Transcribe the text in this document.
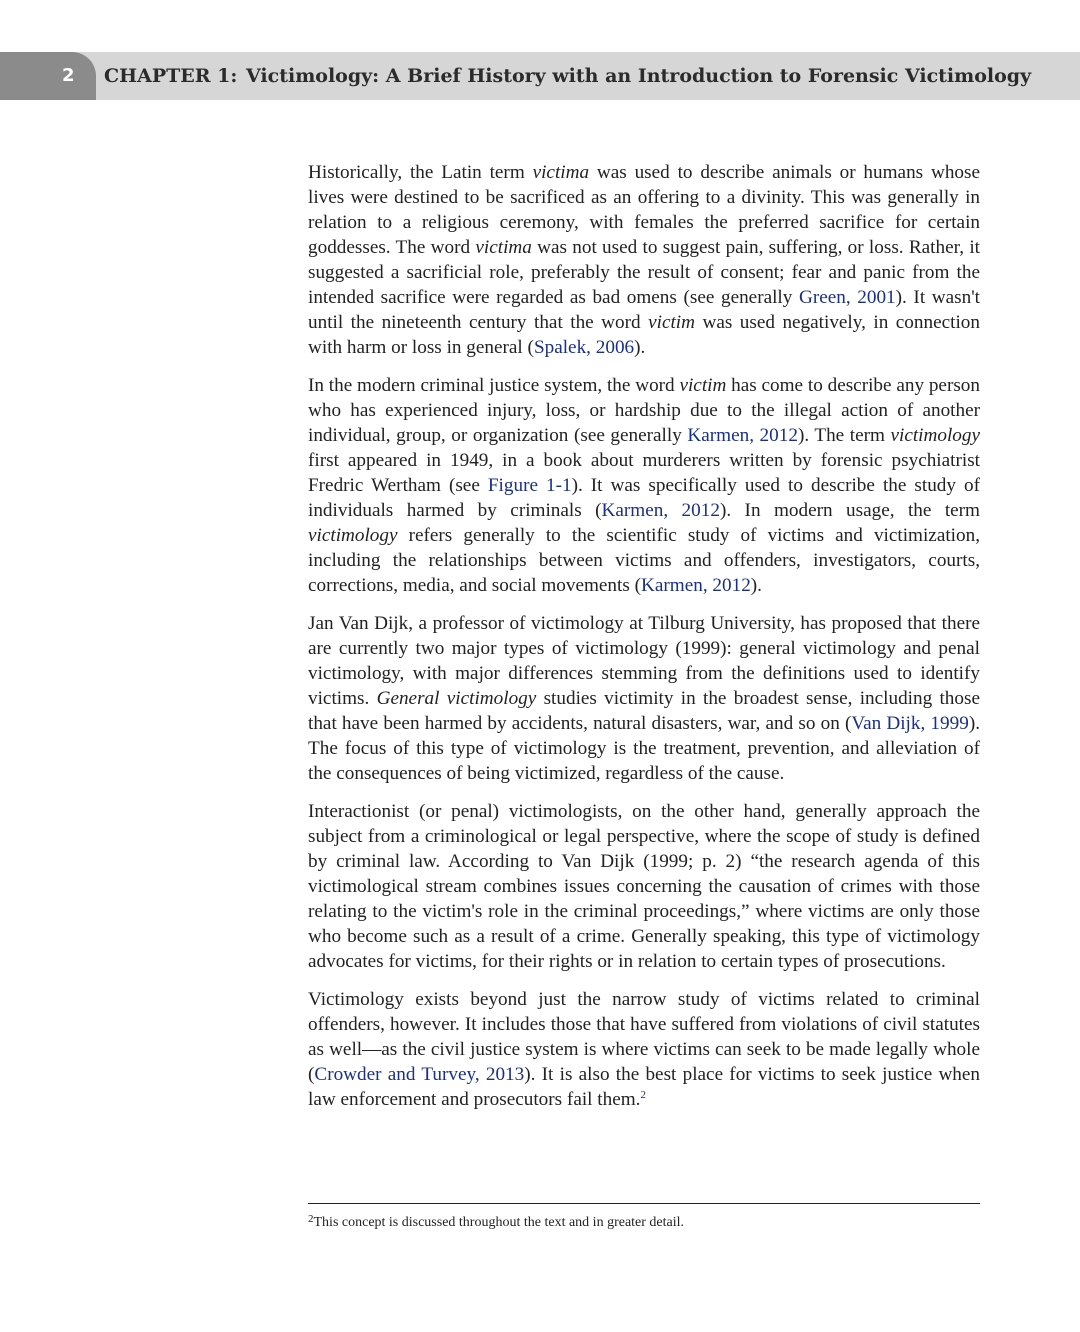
2 CHAPTER 1: Victimology: A Brief History with an Introduction to Forensic Victimology

Historically, the Latin term victima was used to describe animals or humans whose lives were destined to be sacrificed as an offering to a divinity. This was generally in relation to a religious ceremony, with females the preferred sacrifice for certain goddesses. The word victima was not used to suggest pain, suffering, or loss. Rather, it suggested a sacrificial role, preferably the result of consent; fear and panic from the intended sacrifice were regarded as bad omens (see generally Green, 2001). It wasn't until the nineteenth century that the word victim was used negatively, in connection with harm or loss in general (Spalek, 2006).

In the modern criminal justice system, the word victim has come to describe any person who has experienced injury, loss, or hardship due to the illegal action of another individual, group, or organization (see generally Karmen, 2012). The term victimology first appeared in 1949, in a book about murderers written by forensic psychiatrist Fredric Wertham (see Figure 1-1). It was specifically used to describe the study of individuals harmed by criminals (Karmen, 2012). In modern usage, the term victimology refers generally to the scientific study of victims and victimization, including the relationships between victims and offenders, investigators, courts, corrections, media, and social movements (Karmen, 2012).

Jan Van Dijk, a professor of victimology at Tilburg University, has proposed that there are currently two major types of victimology (1999): general victimology and penal victimology, with major differences stemming from the definitions used to identify victims. General victimology studies victimity in the broadest sense, including those that have been harmed by accidents, natural disasters, war, and so on (Van Dijk, 1999). The focus of this type of victimology is the treatment, prevention, and alleviation of the consequences of being victimized, regardless of the cause.

Interactionist (or penal) victimologists, on the other hand, generally approach the subject from a criminological or legal perspective, where the scope of study is defined by criminal law. According to Van Dijk (1999; p. 2) “the research agenda of this victimological stream combines issues concerning the causation of crimes with those relating to the victim's role in the criminal proceedings,” where victims are only those who become such as a result of a crime. Generally speaking, this type of victimology advocates for victims, for their rights or in relation to certain types of prosecutions.

Victimology exists beyond just the narrow study of victims related to criminal offenders, however. It includes those that have suffered from violations of civil statutes as well—as the civil justice system is where victims can seek to be made legally whole (Crowder and Turvey, 2013). It is also the best place for victims to seek justice when law enforcement and prosecutors fail them.$^2$

$^2$This concept is discussed throughout the text and in greater detail.
